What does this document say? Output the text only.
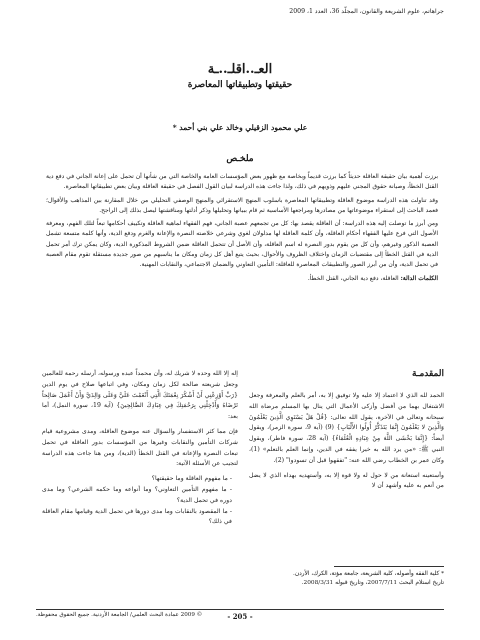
جراهاتم، علوم الشريعة والقانون، المجلّد 36، العدد 1، 2009
العـ..اقلـ..ـة
حقيقتها وتطبيقاتها المعاصرة
علي محمود الزقيلي وخالد علي بني أحمد *
ملخـص

برزت أهمية بيان حقيقة العاقلة حديثاً كما برزت قديماً وبخاصة مع ظهور بعض المؤسسات العامة والخاصة التي من شأنها أن تحمل على إعانة الجاني في دفع دية القتل الخطأ، وصيانة حقوق المجني عليهم وذويهم في ذلك، ولذا جاءت هذه الدراسة لبيان القول الفصل في حقيقة العاقلة وبيان بعض تطبيقاتها المعاصرة.

وقد تناولت هذه الدراسة موضوع العاقلة وتطبيقاتها المعاصرة باسلوب المنهج الاستقرائي والمنهج الوصفي التحليلي من خلال المقارنة بين المذاهب والأقوال؛ فعمد الباحث إلى استقراء موضوعاتها من مصادرها ومراجعها الأساسية ثم قام ببيانها وتحليلها وذكر أدلتها ومناقشتها ليصل بذلك إلى الراجح.

ومن أبرز ما توصلت إليه هذه الدراسة: أن العاقلة يقصد بها: كل من تجمعهم عصبة الجاني، فهم الفقهاء لماهية العاقلة وتكييف أحكامها تبعاً لتلك الفهم، ومعرفة الأصول التي فرع عليها الفقهاء أحكام العاقلة، وأن كلمة العاقلة لها مدلولان لغوي وشرعي خلاصته النصرة والإعانة والغرم ودفع الدية، وأنها كلمة متسعة تشمل العصبة الذكور وغيرهم، وأن كل من يقوم بدور النصرة له اسم العاقلة، وأن الأصل أن تتحمل العاقلة ضمن الشروط المذكورة الدية، وكان يمكن ترك أمر تحمل الدية في القتل الخطأ إلى مقتضيات الزمان واختلاف الظروف والأحوال، بحيث يتبع أهل كل زمان ومكان ما يناسبهم من صور جديدة مستقلة تقوم مقام العصبة في تحمل الدية، وأن من أبرز الصور والتطبيقات المعاصرة للعاقلة: التأمين التعاوني والضمان الاجتماعي، والنقابات المهنية.

الكلمات الدالة: العاقلة، دفع دية الجاني، القتل الخطأ.

المقدمـة

الحمد لله الذي لا اعتماد إلا عليه ولا توفيق إلا به، أمر بالعلم والمعرفة وجعل الاشتغال بهما من أفضل وأزكى الأعمال التي ينال بها المسلم مرضاة الله سبحانه وتعالى في الآخرة، يقول الله تعالى: {قُلْ هَلْ يَسْتَوِي الَّذِينَ يَعْلَمُونَ وَالَّذِينَ لا يَعْلَمُونَ إِنَّمَا يَتَذَكَّرُ أُولُوا الأَلْبَابِ} (9) (آية 9، سورة الزمر)، ويقول أيضاً: {إِنَّمَا يَخْشَى اللَّهَ مِنْ عِبَادِهِ الْعُلَمَاءُ} (آية 28، سورة فاطر)، ويقول النبي ﷺ: «من يرد الله به خيرا يفقه في الدين، وإنما العلم بالتعلم» (1)، وكان عمر بن الخطاب رضي الله عنه: "تفقهوا قبل أن تسودوا" (2).

وأستعينه استعانة من لا حول له ولا قوة إلا به، وأستهديه بهداه الذي لا يضل من أنعم به عليه وأشهد أن لا

إله إلا الله وحده لا شريك له، وأن محمداً عبده ورسوله، أرسله رحمة للعالمين وجعل شريعته صالحة لكل زمان ومكان، وفي اتباعها صلاح في يوم الدين {رَبِّ أَوْزِعْنِي أَنْ أَشْكُرَ نِعْمَتَكَ الَّتِي أَنْعَمْتَ عَلَيَّ وَعَلَى وَالِدَيَّ وَأَنْ أَعْمَلَ صَالِحاً تَرْضَاهُ وَأَدْخِلْنِي بِرَحْمَتِكَ فِي عِبَادِكَ الصَّالِحِينَ} (آية 19، سورة النمل)، أما بعد:

فإن مما كثر الاستفسار والسؤال عنه موضوع العاقلة، ومدى مشروعية قيام شركات التأمين والنقابات وغيرها من المؤسسات بدور العاقلة في تحمل تبعات النصرة والإعانة في القتل الخطأ (الدية)، ومن هنا جاءت هذه الدراسة لتجيب عن الأسئلة الآتية:

- ما مفهوم العاقلة وما حقيقتها؟
- ما مفهوم التأمين التعاوني؟ وما أنواعه وما حكمه الشرعي؟ وما مدى دوره في تحمل الدية؟
- ما المقصود بالنقابات وما مدى دورها في تحمل الدية وقيامها مقام العاقلة في ذلك؟

* كلية الفقه وأصوله، كلية الشريعة، جامعة مؤتة، الكرك، الأردن.

تاريخ استلام البحث 2007/7/11، وتاريخ قبوله 2008/3/31.

- 205 -
© 2009 عمادة البحث العلمي/ الجامعة الأردنية. جميع الحقوق محفوظة.
